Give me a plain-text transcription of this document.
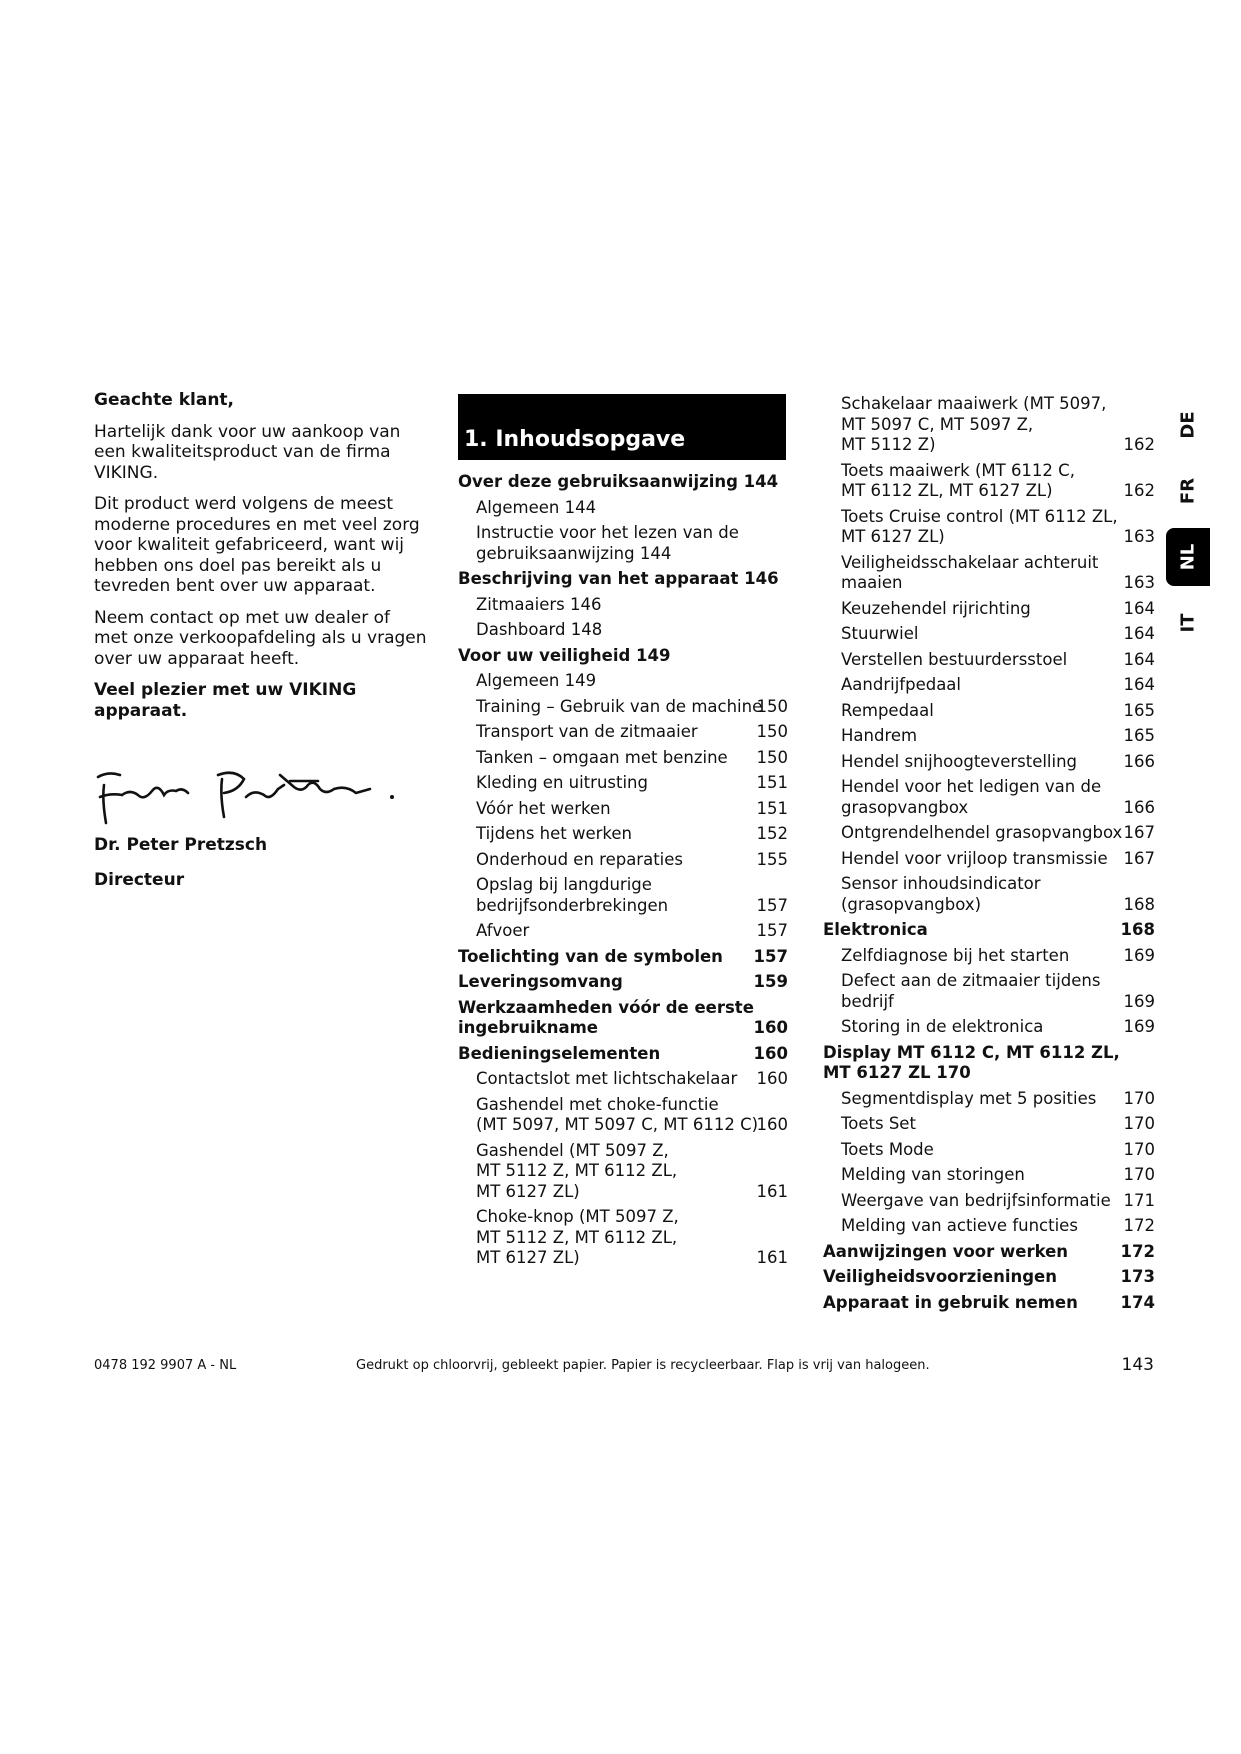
Geachte klant,

Hartelijk dank voor uw aankoop van een kwaliteitsproduct van de firma VIKING.

Dit product werd volgens de meest moderne procedures en met veel zorg voor kwaliteit gefabriceerd, want wij hebben ons doel pas bereikt als u tevreden bent over uw apparaat.

Neem contact op met uw dealer of met onze verkoopafdeling als u vragen over uw apparaat heeft.

Veel plezier met uw VIKING apparaat.

Dr. Peter Pretzsch
Directeur
1. Inhoudsopgave
Over deze gebruiksaanwijzing 144
Algemeen 144
Instructie voor het lezen van de
gebruiksaanwijzing 144
Beschrijving van het apparaat 146
Zitmaaiers 146
Dashboard 148
Voor uw veiligheid 149
Algemeen 149
Training – Gebruik van de machine
150
Transport van de zitmaaier	150
Tanken – omgaan met benzine	150
Kleding en uitrusting	151
Vóór het werken	151
Tijdens het werken	152
Onderhoud en reparaties	155
Opslag bij langdurige
bedrijfsonderbrekingen	157
Afvoer	157
Toelichting van de symbolen	157
Leveringsomvang	159
Werkzaamheden vóór de eerste
ingebruikname	160
Bedieningselementen	160
Contactslot met lichtschakelaar	160
Gashendel met choke-functie
(MT 5097, MT 5097 C, MT 6112 C)
160
Gashendel (MT 5097 Z,
MT 5112 Z, MT 6112 ZL,
MT 6127 ZL)	161
Choke-knop (MT 5097 Z,
MT 5112 Z, MT 6112 ZL,
MT 6127 ZL)	161
Schakelaar maaiwerk (MT 5097,
MT 5097 C, MT 5097 Z,
MT 5112 Z)	162
Toets maaiwerk (MT 6112 C,
MT 6112 ZL, MT 6127 ZL)	162
Toets Cruise control (MT 6112 ZL,
MT 6127 ZL)	163
Veiligheidsschakelaar achteruit
maaien	163
Keuzehendel rijrichting	164
Stuurwiel	164
Verstellen bestuurdersstoel	164
Aandrijfpedaal	164
Rempedaal	165
Handrem	165
Hendel snijhoogteverstelling	166
Hendel voor het ledigen van de
grasopvangbox	166
Ontgrendelhendel grasopvangbox 167
Hendel voor vrijloop transmissie 167
Sensor inhoudsindicator
(grasopvangbox)	168
Elektronica	168
Zelfdiagnose bij het starten	169
Defect aan de zitmaaier tijdens
bedrijf	169
Storing in de elektronica	169
Display MT 6112 C, MT 6112 ZL,
MT 6127 ZL 170
Segmentdisplay met 5 posities	170
Toets Set	170
Toets Mode	170
Melding van storingen	170
Weergave van bedrijfsinformatie 171
Melding van actieve functies	172
Aanwijzingen voor werken	172
Veiligheidsvoorzieningen	173
Apparaat in gebruik nemen	174
DE
FR
NL
IT
0478 192 9907 A - NL	Gedrukt op chloorvrij, gebleekt papier. Papier is recycleerbaar. Flap is vrij van halogeen.	143
